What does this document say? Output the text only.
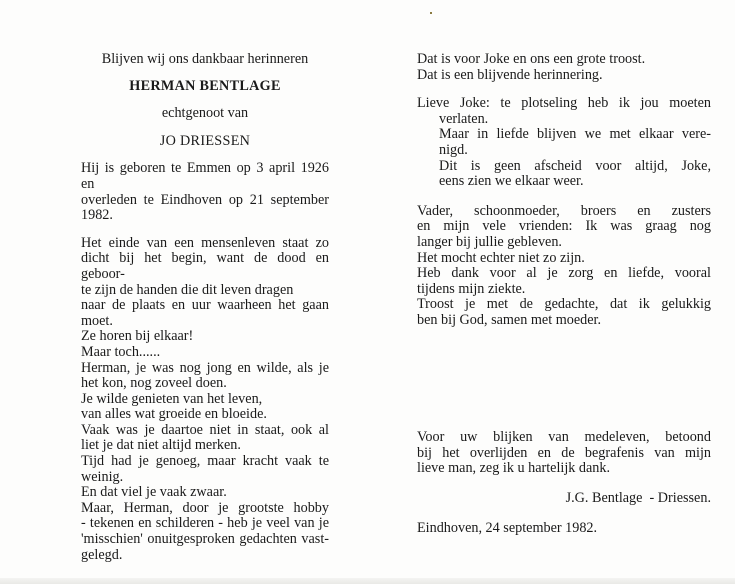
Blijven wij ons dankbaar herinneren

HERMAN BENTLAGE

echtgenoot van

JO DRIESSEN

Hij is geboren te Emmen op 3 april 1926 en

overleden te Eindhoven op 21 september

1982.

Het einde van een mensenleven staat zo

dicht bij het begin, want de dood en geboor-

te zijn de handen die dit leven dragen

naar de plaats en uur waarheen het gaan

moet.

Ze horen bij elkaar!

Maar toch......

Herman, je was nog jong en wilde, als je

het kon, nog zoveel doen.

Je wilde genieten van het leven,

van alles wat groeide en bloeide.

Vaak was je daartoe niet in staat, ook al

liet je dat niet altijd merken.

Tijd had je genoeg, maar kracht vaak te

weinig.

En dat viel je vaak zwaar.

Maar, Herman, door je grootste hobby

- tekenen en schilderen - heb je veel van je

'misschien' onuitgesproken gedachten vast-

gelegd.

Dat is voor Joke en ons een grote troost.

Dat is een blijvende herinnering.

Lieve Joke: te plotseling heb ik jou moeten

verlaten.

Maar in liefde blijven we met elkaar vere-

nigd.

Dit is geen afscheid voor altijd, Joke,

eens zien we elkaar weer.

Vader, schoonmoeder, broers en zusters

en mijn vele vrienden: Ik was graag nog

langer bij jullie gebleven.

Het mocht echter niet zo zijn.

Heb dank voor al je zorg en liefde, vooral

tijdens mijn ziekte.

Troost je met de gedachte, dat ik gelukkig

ben bij God, samen met moeder.

Voor uw blijken van medeleven, betoond

bij het overlijden en de begrafenis van mijn

lieve man, zeg ik u hartelijk dank.

J.G. Bentlage  - Driessen.

Eindhoven, 24 september 1982.
